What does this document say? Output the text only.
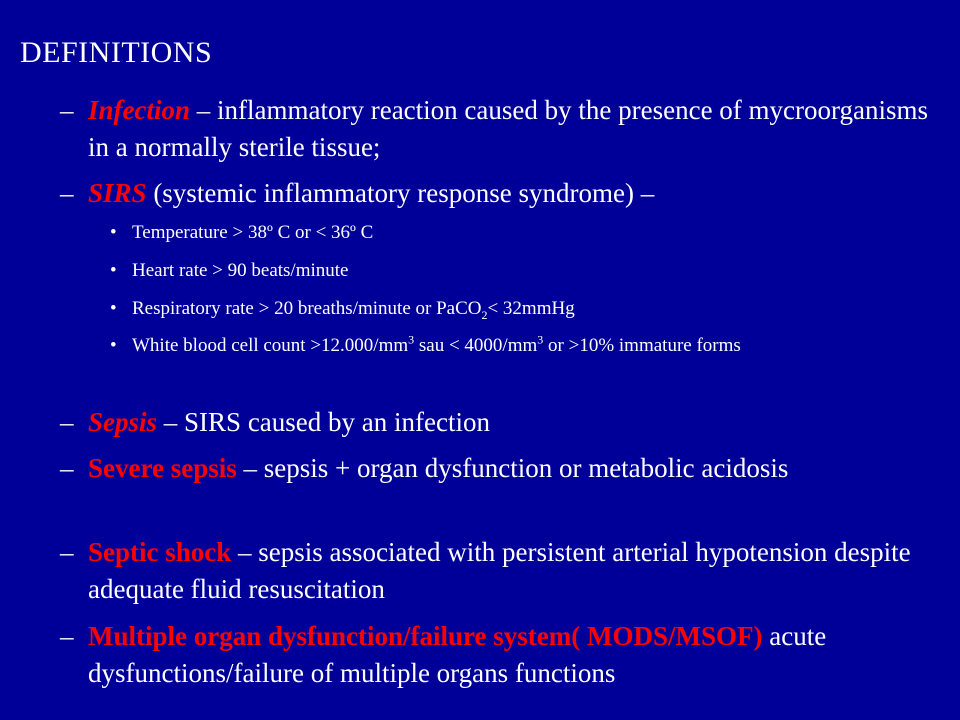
DEFINITIONS
– Infection – inflammatory reaction caused by the presence of mycroorganisms in a normally sterile tissue;
– SIRS (systemic inflammatory response syndrome) –
• Temperature > 38º C or < 36º C
• Heart rate > 90 beats/minute
• Respiratory rate > 20 breaths/minute or PaCO$_2$< 32mmHg
• White blood cell count $>12.000/mm^3$ sau < $4000/mm^3$ or >10% immature forms
– Sepsis – SIRS caused by an infection
– Severe sepsis – sepsis + organ dysfunction or metabolic acidosis
– Septic shock – sepsis associated with persistent arterial hypotension despite adequate fluid resuscitation
– Multiple organ dysfunction/failure system( MODS/MSOF) acute dysfunctions/failure of multiple organs functions
